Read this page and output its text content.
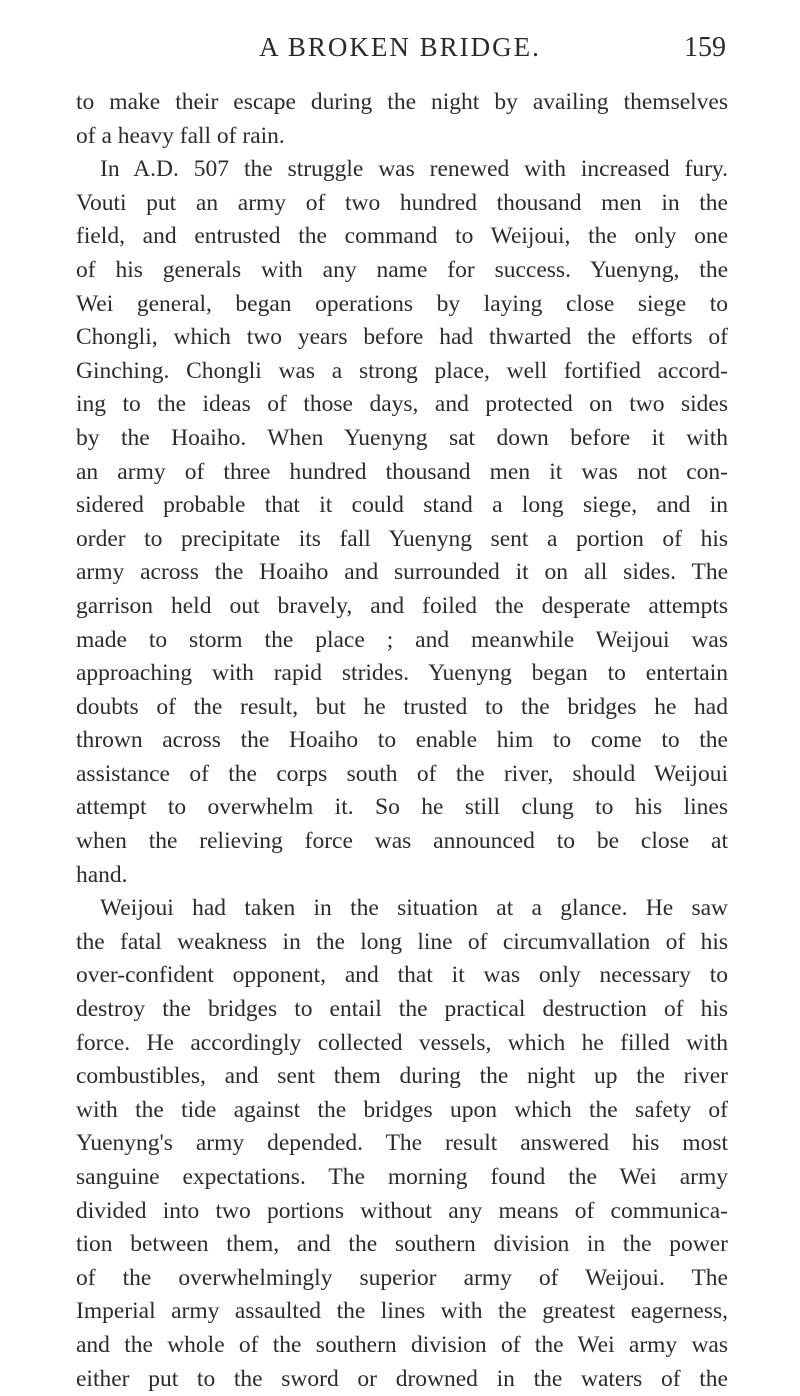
A BROKEN BRIDGE.	159
to make their escape during the night by availing themselves
of a heavy fall of rain.
In A.D. 507 the struggle was renewed with increased fury.
Vouti put an army of two hundred thousand men in the
field, and entrusted the command to Weijoui, the only one
of his generals with any name for success. Yuenyng, the
Wei general, began operations by laying close siege to
Chongli, which two years before had thwarted the efforts of
Ginching. Chongli was a strong place, well fortified accord-
ing to the ideas of those days, and protected on two sides
by the Hoaiho. When Yuenyng sat down before it with
an army of three hundred thousand men it was not con-
sidered probable that it could stand a long siege, and in
order to precipitate its fall Yuenyng sent a portion of his
army across the Hoaiho and surrounded it on all sides. The
garrison held out bravely, and foiled the desperate attempts
made to storm the place ; and meanwhile Weijoui was
approaching with rapid strides. Yuenyng began to entertain
doubts of the result, but he trusted to the bridges he had
thrown across the Hoaiho to enable him to come to the
assistance of the corps south of the river, should Weijoui
attempt to overwhelm it. So he still clung to his lines
when the relieving force was announced to be close at
hand.
Weijoui had taken in the situation at a glance. He saw
the fatal weakness in the long line of circumvallation of his
over-confident opponent, and that it was only necessary to
destroy the bridges to entail the practical destruction of his
force. He accordingly collected vessels, which he filled with
combustibles, and sent them during the night up the river
with the tide against the bridges upon which the safety of
Yuenyng's army depended. The result answered his most
sanguine expectations. The morning found the Wei army
divided into two portions without any means of communica-
tion between them, and the southern division in the power
of the overwhelmingly superior army of Weijoui. The
Imperial army assaulted the lines with the greatest eagerness,
and the whole of the southern division of the Wei army was
either put to the sword or drowned in the waters of the
